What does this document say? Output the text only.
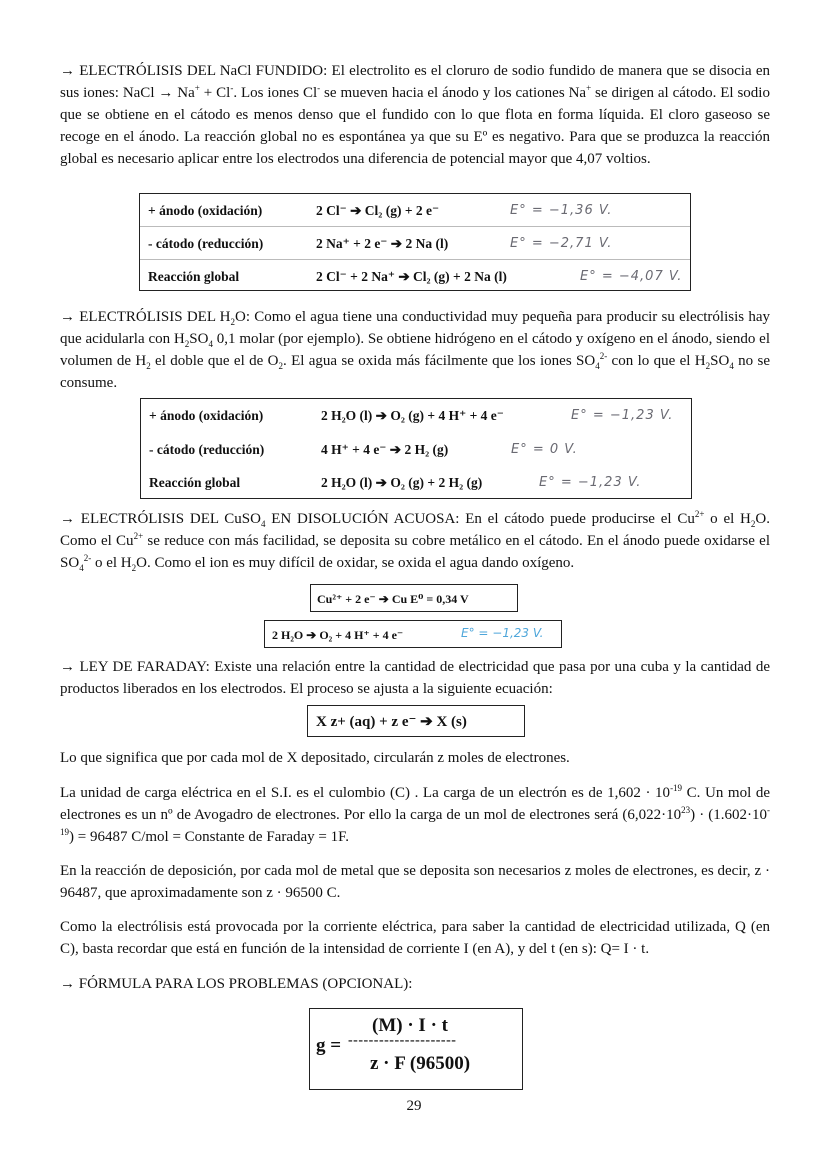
→ ELECTRÓLISIS DEL NaCl FUNDIDO: El electrolito es el cloruro de sodio fundido de manera que se disocia en sus iones: NaCl → Na+ + Cl-. Los iones Cl- se mueven hacia el ánodo y los cationes Na+ se dirigen al cátodo. El sodio que se obtiene en el cátodo es menos denso que el fundido con lo que flota en forma líquida. El cloro gaseoso se recoge en el ánodo. La reacción global no es espontánea ya que su Eº es negativo. Para que se produzca la reacción global es necesario aplicar entre los electrodos una diferencia de potencial mayor que 4,07 voltios.

+ ánodo (oxidación)	2 Cl⁻ ➔ Cl₂ (g) + 2 e⁻	E° = −1,36 V.
- cátodo (reducción)	2 Na⁺ + 2 e⁻ ➔ 2 Na (l)	E° = −2,71 V.
Reacción global	2 Cl⁻ + 2 Na⁺ ➔ Cl₂ (g) + 2 Na (l)	E° = −4,07 V.

→ ELECTRÓLISIS DEL $H_2O$: Como el agua tiene una conductividad muy pequeña para producir su electrólisis hay que acidularla con $H_2SO_4$ 0,1 molar (por ejemplo). Se obtiene hidrógeno en el cátodo y oxígeno en el ánodo, siendo el volumen de $H_2$ el doble que el de $O_2$. El agua se oxida más fácilmente que los iones $SO_4^{2-}$ con lo que el $H_2SO_4$ no se consume.

+ ánodo (oxidación)	2 H₂O (l) ➔ O₂ (g) + 4 H⁺ + 4 e⁻	E° = −1,23 V.
- cátodo (reducción)	4 H⁺ + 4 e⁻ ➔ 2 H₂ (g)	E° = 0 V.
Reacción global	2 H₂O (l) ➔ O₂ (g) + 2 H₂ (g)	E° = −1,23 V.

→ ELECTRÓLISIS DEL CuSO$_4$ EN DISOLUCIÓN ACUOSA: En el cátodo puede producirse el $Cu^{2+}$ o el $H_2O$. Como el $Cu^{2+}$ se reduce con más facilidad, se deposita su cobre metálico en el cátodo. En el ánodo puede oxidarse el $SO_4^{2-}$ o el $H_2O$. Como el ion es muy difícil de oxidar, se oxida el agua dando oxígeno.

Cu²⁺ + 2 e⁻ ➔ Cu E⁰ = 0,34 V
2 H₂O ➔ O₂ + 4 H⁺ + 4 e⁻	E° = −1,23 V.

→ LEY DE FARADAY: Existe una relación entre la cantidad de electricidad que pasa por una cuba y la cantidad de productos liberados en los electrodos. El proceso se ajusta a la siguiente ecuación:

X z+ (aq) + z e⁻ ➔ X (s)

Lo que significa que por cada mol de X depositado, circularán z moles de electrones.

La unidad de carga eléctrica en el S.I. es el culombio (C) . La carga de un electrón es de $1,602 \cdot 10^{-19}$ C. Un mol de electrones es un nº de Avogadro de electrones. Por ello la carga de un mol de electrones será $(6,022\cdot 10^{23}) \cdot (1.602\cdot 10^{-19}) = 96487$ C/mol = Constante de Faraday = 1F.

En la reacción de deposición, por cada mol de metal que se deposita son necesarios z moles de electrones, es decir, z · 96487, que aproximadamente son z · 96500 C.

Como la electrólisis está provocada por la corriente eléctrica, para saber la cantidad de electricidad utilizada, Q (en C), basta recordar que está en función de la intensidad de corriente I (en A), y del t (en s): Q= I · t.

→ FÓRMULA PARA LOS PROBLEMAS (OPCIONAL):

g =
(M) · I · t
---------------------
z · F (96500)
29
